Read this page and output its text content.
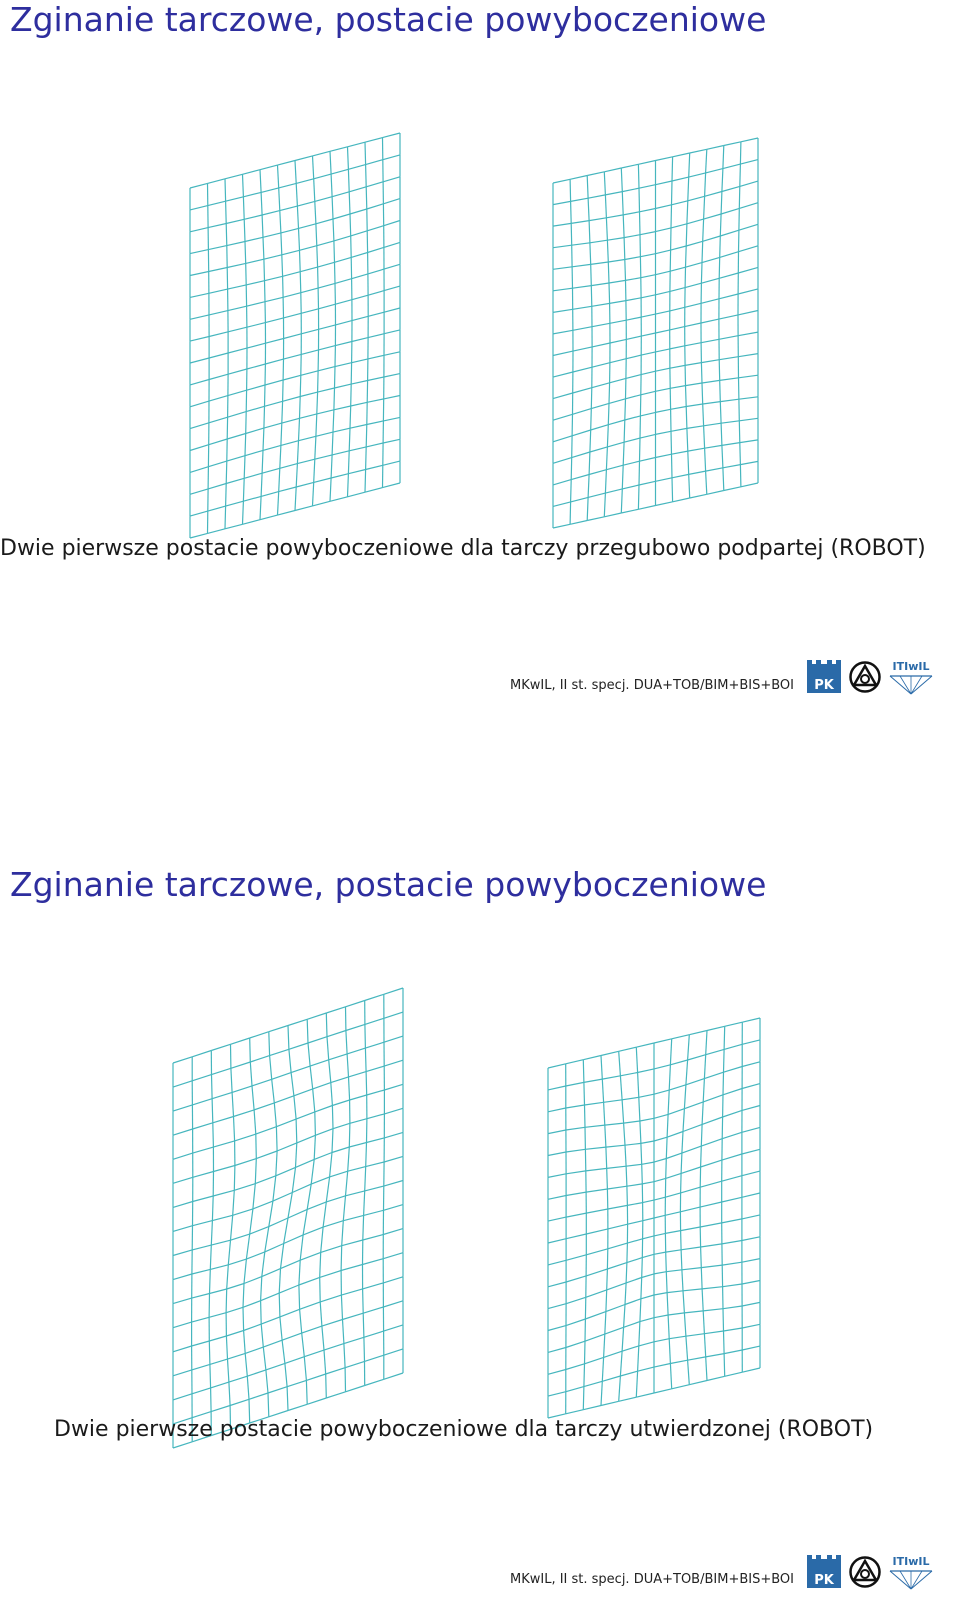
Zginanie tarczowe, postacie powyboczeniowe

Dwie pierwsze postacie powyboczeniowe dla tarczy przegubowo podpartej (ROBOT)

MKwIL, II st. specj. DUA+TOB/BIM+BIS+BOI PK
ITIwIL
Zginanie tarczowe, postacie powyboczeniowe

Dwie pierwsze postacie powyboczeniowe dla tarczy utwierdzonej (ROBOT)

MKwIL, II st. specj. DUA+TOB/BIM+BIS+BOI PK
ITIwIL
